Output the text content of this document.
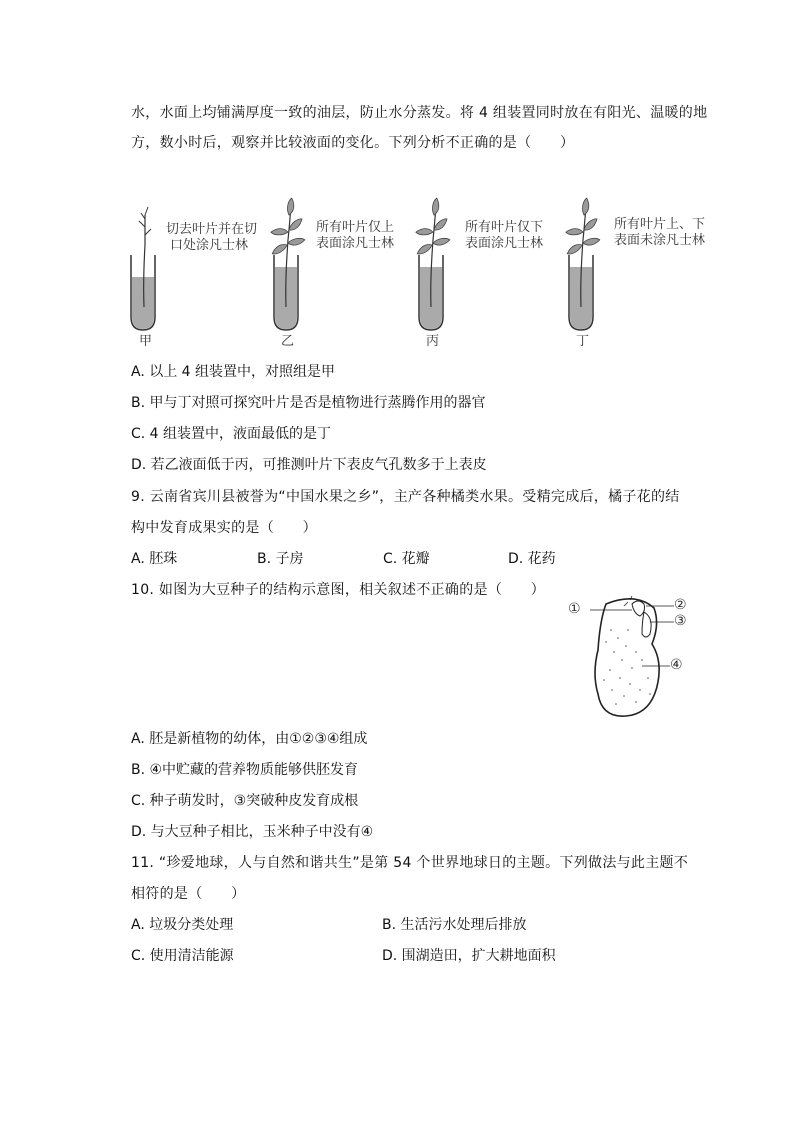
水，水面上均铺满厚度一致的油层，防止水分蒸发。将 4 组装置同时放在有阳光、温暖的地
方，数小时后，观察并比较液面的变化。下列分析不正确的是（　　）
切去叶片并在切
口处涂凡士林
所有叶片仅上
表面涂凡士林
所有叶片仅下
表面涂凡士林
所有叶片上、下
表面未涂凡士林
甲	乙	丙	丁
A. 以上 4 组装置中，对照组是甲
B. 甲与丁对照可探究叶片是否是植物进行蒸腾作用的器官
C. 4 组装置中，液面最低的是丁
D. 若乙液面低于丙，可推测叶片下表皮气孔数多于上表皮
9. 云南省宾川县被誉为“中国水果之乡”，主产各种橘类水果。受精完成后，橘子花的结
构中发育成果实的是（　　）
A. 胚珠	B. 子房	C. 花瓣	D. 花药
10. 如图为大豆种子的结构示意图，相关叙述不正确的是（　　）
①	②
③
④
A. 胚是新植物的幼体，由①②③④组成
B. ④中贮藏的营养物质能够供胚发育
C. 种子萌发时，③突破种皮发育成根
D. 与大豆种子相比，玉米种子中没有④
11. “珍爱地球，人与自然和谐共生”是第 54 个世界地球日的主题。下列做法与此主题不
相符的是（　　）
A. 垃圾分类处理	B. 生活污水处理后排放
C. 使用清洁能源	D. 围湖造田，扩大耕地面积
